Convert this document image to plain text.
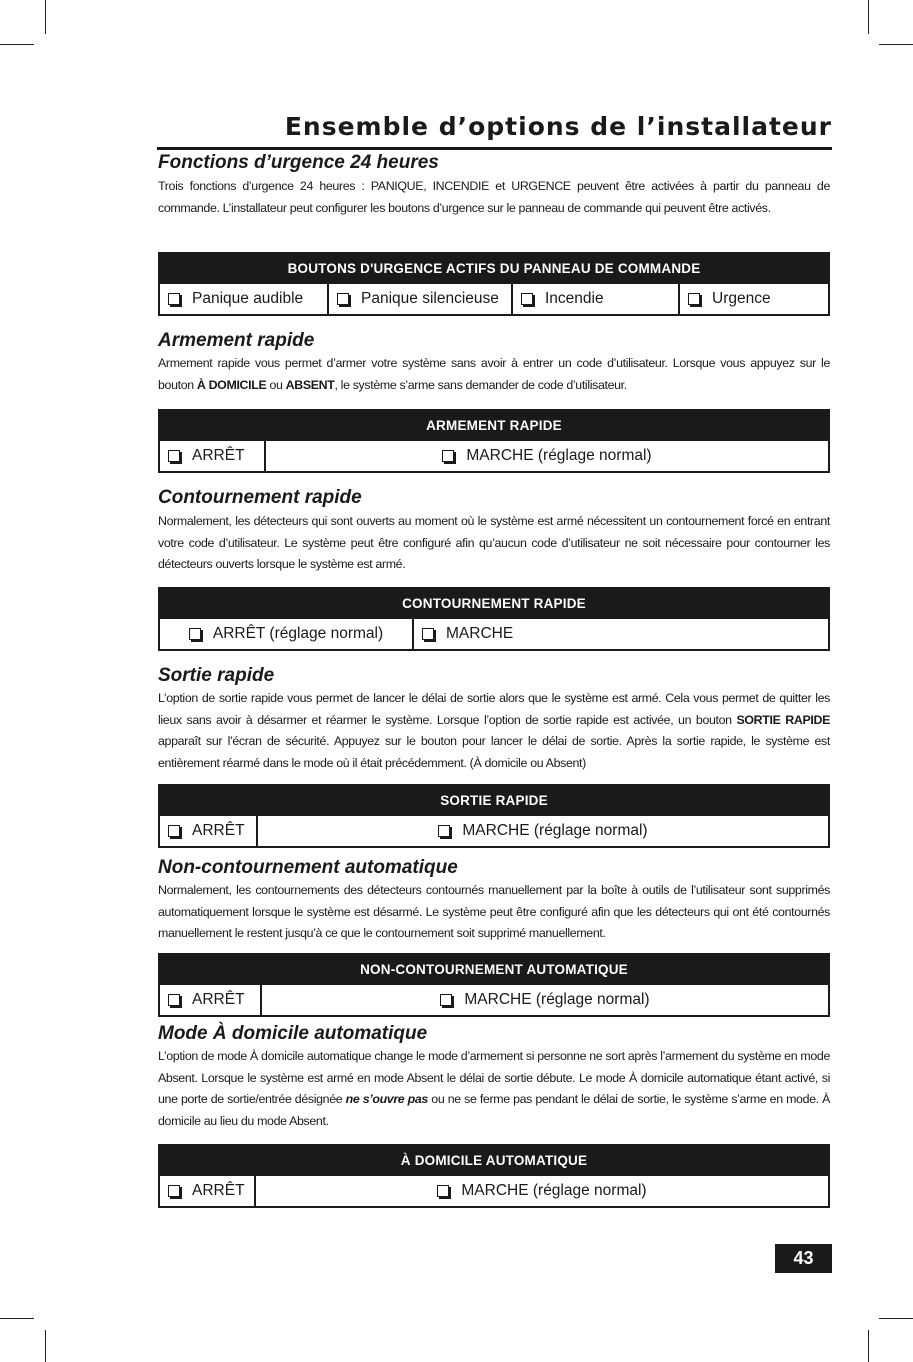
Ensemble d’options de l’installateur
Fonctions d’urgence 24 heures

Trois fonctions d’urgence 24 heures : PANIQUE, INCENDIE et URGENCE peuvent être activées à partir du panneau de commande. L’installateur peut configurer les boutons d’urgence sur le panneau de commande qui peuvent être activés.

BOUTONS D'URGENCE ACTIFS DU PANNEAU DE COMMANDE
Panique audible	Panique silencieuse	Incendie	Urgence
Armement rapide

Armement rapide vous permet d’armer votre système sans avoir à entrer un code d’utilisateur. Lorsque vous appuyez sur le bouton À DOMICILE ou ABSENT, le système s’arme sans demander de code d’utilisateur.

ARMEMENT RAPIDE
ARRÊT	MARCHE (réglage normal)
Contournement rapide

Normalement, les détecteurs qui sont ouverts au moment où le système est armé nécessitent un contournement forcé en entrant votre code d’utilisateur. Le système peut être configuré afin qu’aucun code d’utilisateur ne soit nécessaire pour contourner les détecteurs ouverts lorsque le système est armé.

CONTOURNEMENT RAPIDE
ARRÊT (réglage normal)	MARCHE
Sortie rapide

L’option de sortie rapide vous permet de lancer le délai de sortie alors que le système est armé. Cela vous permet de quitter les lieux sans avoir à désarmer et réarmer le système. Lorsque l’option de sortie rapide est activée, un bouton SORTIE RAPIDE apparaît sur l’écran de sécurité. Appuyez sur le bouton pour lancer le délai de sortie. Après la sortie rapide, le système est entièrement réarmé dans le mode où il était précédemment. (À domicile ou Absent)

SORTIE RAPIDE
ARRÊT	MARCHE (réglage normal)
Non-contournement automatique

Normalement, les contournements des détecteurs contournés manuellement par la boîte à outils de l’utilisateur sont supprimés automatiquement lorsque le système est désarmé. Le système peut être configuré afin que les détecteurs qui ont été contournés manuellement le restent jusqu’à ce que le contournement soit supprimé manuellement.

NON-CONTOURNEMENT AUTOMATIQUE
ARRÊT	MARCHE (réglage normal)
Mode À domicile automatique

L’option de mode À domicile automatique change le mode d’armement si personne ne sort après l’armement du système en mode Absent. Lorsque le système est armé en mode Absent le délai de sortie débute. Le mode À domicile automatique étant activé, si une porte de sortie/entrée désignée ne s’ouvre pas ou ne se ferme pas pendant le délai de sortie, le système s’arme en mode. À domicile au lieu du mode Absent.

À DOMICILE AUTOMATIQUE
ARRÊT	MARCHE (réglage normal)
43
